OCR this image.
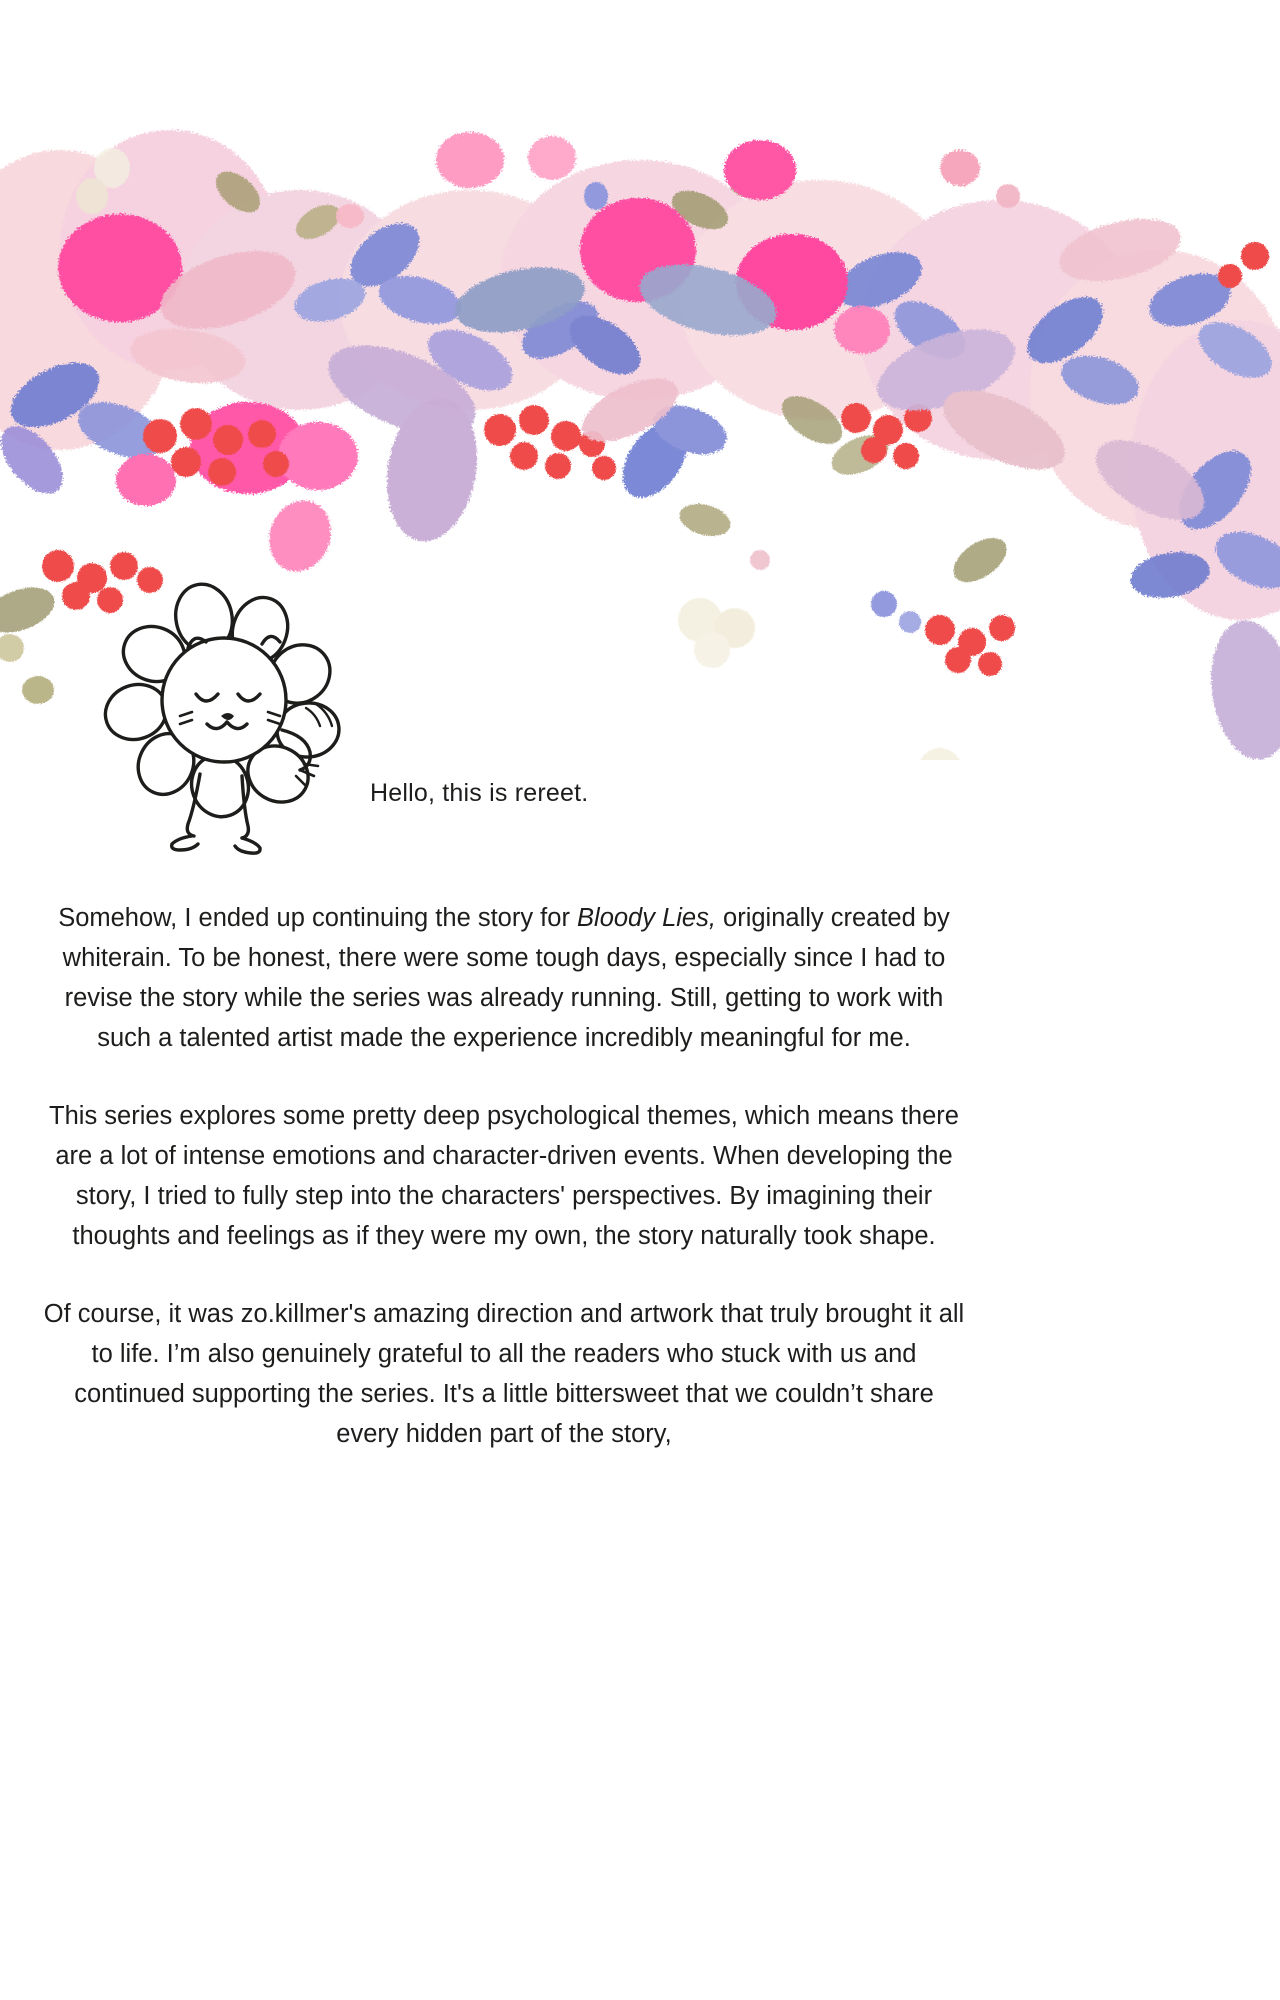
Hello, this is rereet.

Somehow, I ended up continuing the story for Bloody Lies, originally created by whiterain. To be honest, there were some tough days, especially since I had to revise the story while the series was already running. Still, getting to work with such a talented artist made the experience incredibly meaningful for me.

This series explores some pretty deep psychological themes, which means there are a lot of intense emotions and character-driven events. When developing the story, I tried to fully step into the characters' perspectives. By imagining their thoughts and feelings as if they were my own, the story naturally took shape.

Of course, it was zo.killmer's amazing direction and artwork that truly brought it all to life. I’m also genuinely grateful to all the readers who stuck with us and continued supporting the series. It's a little bittersweet that we couldn’t share every hidden part of the story,
